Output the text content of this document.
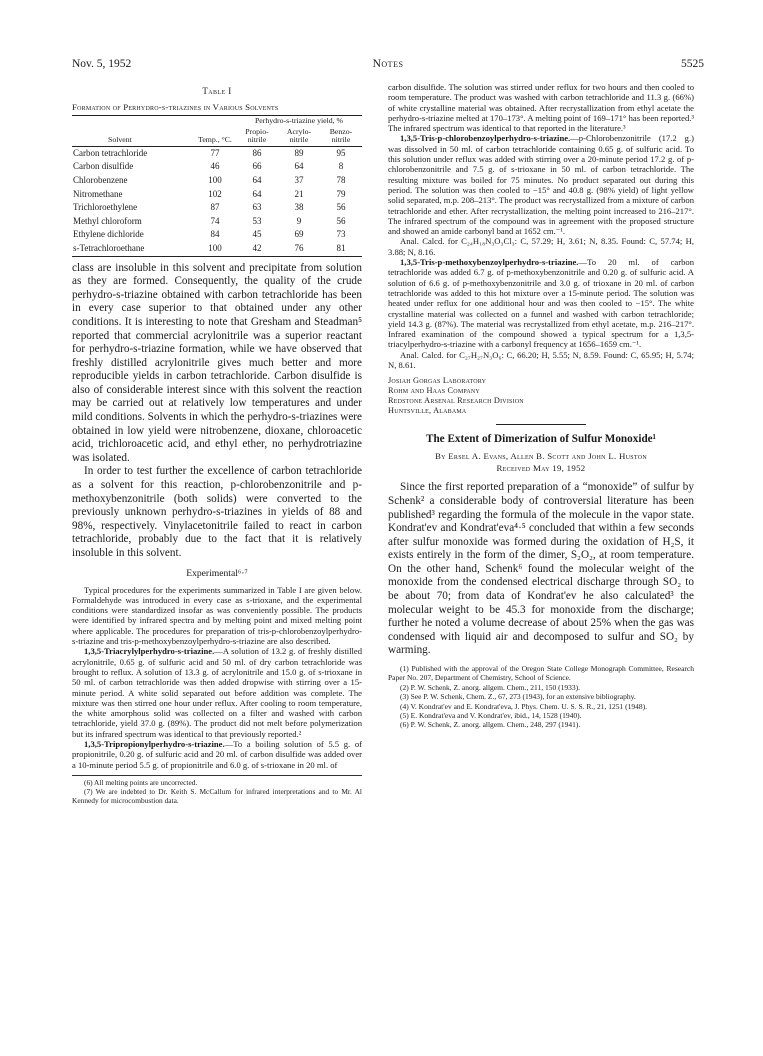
Nov. 5, 1952	Notes	5525
Table I
Formation of Perhydro-s-triazines in Various Solvents
		Perhydro-s-triazine yield, %		
Solvent	Temp., °C.	Propio-nitrile	Acrylo-nitrile	Benzo-nitrile

Carbon tetrachloride	77	86	89	95
Carbon disulfide	46	66	64	8
Chlorobenzene	100	64	37	78
Nitromethane	102	64	21	79
Trichloroethylene	87	63	38	56
Methyl chloroform	74	53	9	56
Ethylene dichloride	84	45	69	73
s-Tetrachloroethane	100	42	76	81

class are insoluble in this solvent and precipitate from solution as they are formed. Consequently, the quality of the crude perhydro-s-triazine obtained with carbon tetrachloride has been in every case superior to that obtained under any other conditions. It is interesting to note that Gresham and Steadman⁵ reported that commercial acrylonitrile was a superior reactant for perhydro-s-triazine formation, while we have observed that freshly distilled acrylonitrile gives much better and more reproducible yields in carbon tetrachloride. Carbon disulfide is also of considerable interest since with this solvent the reaction may be carried out at relatively low temperatures and under mild conditions. Solvents in which the perhydro-s-triazines were obtained in low yield were nitrobenzene, dioxane, chloroacetic acid, trichloroacetic acid, and ethyl ether, no perhydrotriazine was isolated.

In order to test further the excellence of carbon tetrachloride as a solvent for this reaction, p-chlorobenzonitrile and p-methoxybenzonitrile (both solids) were converted to the previously unknown perhydro-s-triazines in yields of 88 and 98%, respectively. Vinylacetonitrile failed to react in carbon tetrachloride, probably due to the fact that it is relatively insoluble in this solvent.

Experimental⁶·⁷

Typical procedures for the experiments summarized in Table I are given below. Formaldehyde was introduced in every case as s-trioxane, and the experimental conditions were standardized insofar as was conveniently possible. The products were identified by infrared spectra and by melting point and mixed melting point where applicable. The procedures for preparation of tris-p-chlorobenzoylperhydro-s-triazine and tris-p-methoxybenzoylperhydro-s-triazine are also described.

1,3,5-Triacrylylperhydro-s-triazine.—A solution of 13.2 g. of freshly distilled acrylonitrile, 0.65 g. of sulfuric acid and 50 ml. of dry carbon tetrachloride was brought to reflux. A solution of 13.3 g. of acrylonitrile and 15.0 g. of s-trioxane in 50 ml. of carbon tetrachloride was then added dropwise with stirring over a 15-minute period. A white solid separated out before addition was complete. The mixture was then stirred one hour under reflux. After cooling to room temperature, the white amorphous solid was collected on a filter and washed with carbon tetrachloride, yield 37.0 g. (89%). The product did not melt before polymerization but its infrared spectrum was identical to that previously reported.²

1,3,5-Tripropionylperhydro-s-triazine.—To a boiling solution of 5.5 g. of propionitrile, 0.20 g. of sulfuric acid and 20 ml. of carbon disulfide was added over a 10-minute period 5.5 g. of propionitrile and 6.0 g. of s-trioxane in 20 ml. of

(6) All melting points are uncorrected.

(7) We are indebted to Dr. Keith S. McCallum for infrared interpretations and to Mr. Al Kennedy for microcombustion data.

carbon disulfide. The solution was stirred under reflux for two hours and then cooled to room temperature. The product was washed with carbon tetrachloride and 11.3 g. (66%) of white crystalline material was obtained. After recrystallization from ethyl acetate the perhydro-s-triazine melted at 170–173°. A melting point of 169–171° has been reported.³ The infrared spectrum was identical to that reported in the literature.³

1,3,5-Tris-p-chlorobenzoylperhydro-s-triazine.—p-Chlorobenzonitrile (17.2 g.) was dissolved in 50 ml. of carbon tetrachloride containing 0.65 g. of sulfuric acid. To this solution under reflux was added with stirring over a 20-minute period 17.2 g. of p-chlorobenzonitrile and 7.5 g. of s-trioxane in 50 ml. of carbon tetrachloride. The resulting mixture was boiled for 75 minutes. No product separated out during this period. The solution was then cooled to −15° and 40.8 g. (98% yield) of light yellow solid separated, m.p. 208–213°. The product was recrystallized from a mixture of carbon tetrachloride and ether. After recrystallization, the melting point increased to 216–217°. The infrared spectrum of the compound was in agreement with the proposed structure and showed an amide carbonyl band at 1652 cm.⁻¹.

Anal. Calcd. for C₂₄H₁₈N₃O₃Cl₃: C, 57.29; H, 3.61; N, 8.35. Found: C, 57.74; H, 3.88; N, 8.16.

1,3,5-Tris-p-methoxybenzoylperhydro-s-triazine.—To 20 ml. of carbon tetrachloride was added 6.7 g. of p-methoxybenzonitrile and 0.20 g. of sulfuric acid. A solution of 6.6 g. of p-methoxybenzonitrile and 3.0 g. of trioxane in 20 ml. of carbon tetrachloride was added to this hot mixture over a 15-minute period. The solution was heated under reflux for one additional hour and was then cooled to −15°. The white crystalline material was collected on a funnel and washed with carbon tetrachloride; yield 14.3 g. (87%). The material was recrystallized from ethyl acetate, m.p. 216–217°. Infrared examination of the compound showed a typical spectrum for a 1,3,5-triacylperhydro-s-triazine with a carbonyl frequency at 1656–1659 cm.⁻¹.

Anal. Calcd. for C₂₇H₂₇N₃O₆: C, 66.20; H, 5.55; N, 8.59. Found: C, 65.95; H, 5.74; N, 8.61.

Josiah Gorgas Laboratory
Rohm and Haas Company
Redstone Arsenal Research Division
Huntsville, Alabama
The Extent of Dimerization of Sulfur Monoxide¹
By Ersel A. Evans, Allen B. Scott and John L. Huston
Received May 19, 1952

Since the first reported preparation of a “monoxide” of sulfur by Schenk² a considerable body of controversial literature has been published³ regarding the formula of the molecule in the vapor state. Kondrat'ev and Kondrat'eva⁴·⁵ concluded that within a few seconds after sulfur monoxide was formed during the oxidation of H₂S, it exists entirely in the form of the dimer, S₂O₂, at room temperature. On the other hand, Schenk⁶ found the molecular weight of the monoxide from the condensed electrical discharge through SO₂ to be about 70; from data of Kondrat'ev he also calculated³ the molecular weight to be 45.3 for monoxide from the discharge; further he noted a volume decrease of about 25% when the gas was condensed with liquid air and decomposed to sulfur and SO₂ by warming.

(1) Published with the approval of the Oregon State College Monograph Committee, Research Paper No. 207, Department of Chemistry, School of Science.

(2) P. W. Schenk, Z. anorg. allgem. Chem., 211, 150 (1933).

(3) See P. W. Schenk, Chem. Z., 67, 273 (1943), for an extensive bibliography.

(4) V. Kondrat'ev and E. Kondrat'eva, J. Phys. Chem. U. S. S. R., 21, 1251 (1948).

(5) E. Kondrat'eva and V. Kondrat'ev, ibid., 14, 1528 (1940).

(6) P. W. Schenk, Z. anorg. allgem. Chem., 248, 297 (1941).
